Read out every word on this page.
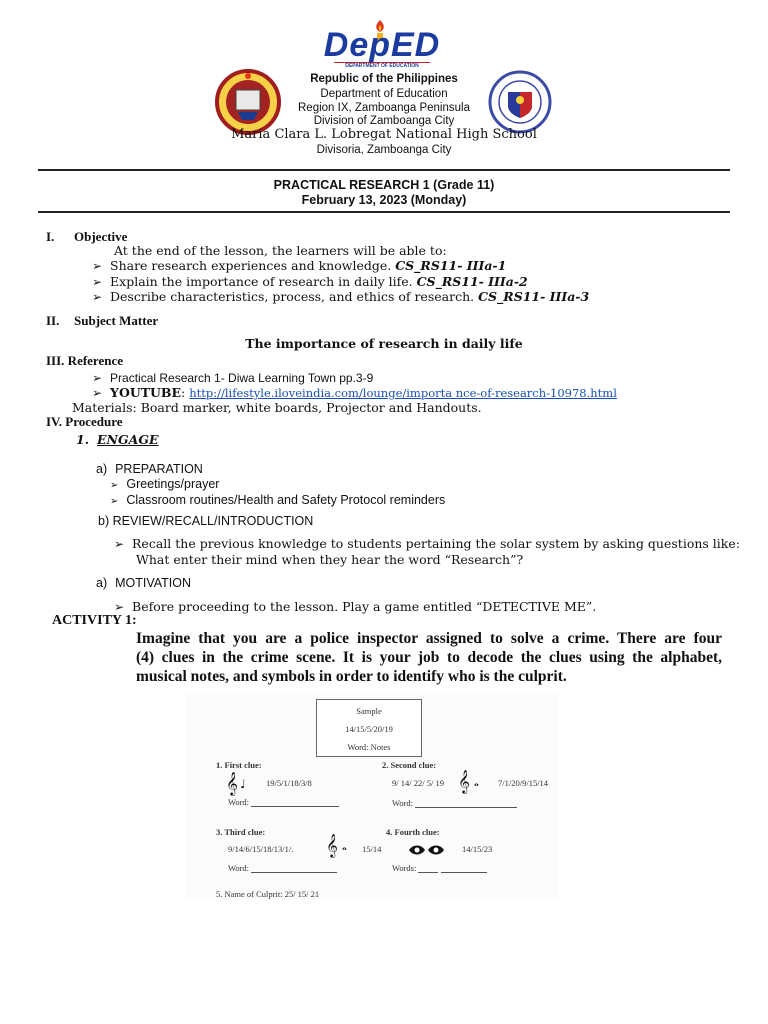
DepED
DEPARTMENT OF EDUCATION
Republic of the Philippines
Department of Education
Region IX, Zamboanga Peninsula
Division of Zamboanga City
Maria Clara L. Lobregat National High School
Divisoria, Zamboanga City
PRACTICAL RESEARCH 1 (Grade 11)
February 13, 2023 (Monday)
I. Objective
At the end of the lesson, the learners will be able to:
➢ Share research experiences and knowledge. CS_RS11- IIIa-1
➢ Explain the importance of research in daily life. CS_RS11- IIIa-2
➢ Describe characteristics, process, and ethics of research. CS_RS11- IIIa-3
II. Subject Matter
The importance of research in daily life
III. Reference
➢ Practical Research 1- Diwa Learning Town pp.3-9
➢ YOUTUBE: http://lifestyle.iloveindia.com/lounge/importa nce-of-research-10978.html
Materials: Board marker, white boards, Projector and Handouts.
IV. Procedure
1. ENGAGE
a) PREPARATION
➢ Greetings/prayer
➢ Classroom routines/Health and Safety Protocol reminders
b) REVIEW/RECALL/INTRODUCTION
➢ Recall the previous knowledge to students pertaining the solar system by asking questions like:
What enter their mind when they hear the word “Research”?
a) MOTIVATION
➢ Before proceeding to the lesson. Play a game entitled “DETECTIVE ME”.
ACTIVITY 1:
Imagine that you are a police inspector assigned to solve a crime. There are four
(4) clues in the crime scene. It is your job to decode the clues using the alphabet,
musical notes, and symbols in order to identify who is the culprit.
Sample
14/15/5/20/19
Word: Notes
1. First clue:
𝄞 ♩ 19/5/1/18/3/8
Word:
2. Second clue:
9/ 14/ 22/ 5/ 19 𝄞 𝅝 7/1/20/9/15/14
Word:
3. Third clue:
9/14/6/15/18/13/1/. 𝄞 𝅝 15/14
Word:
4. Fourth clue:
14/15/23
Words:
5. Name of Culprit: 25/ 15/ 21
